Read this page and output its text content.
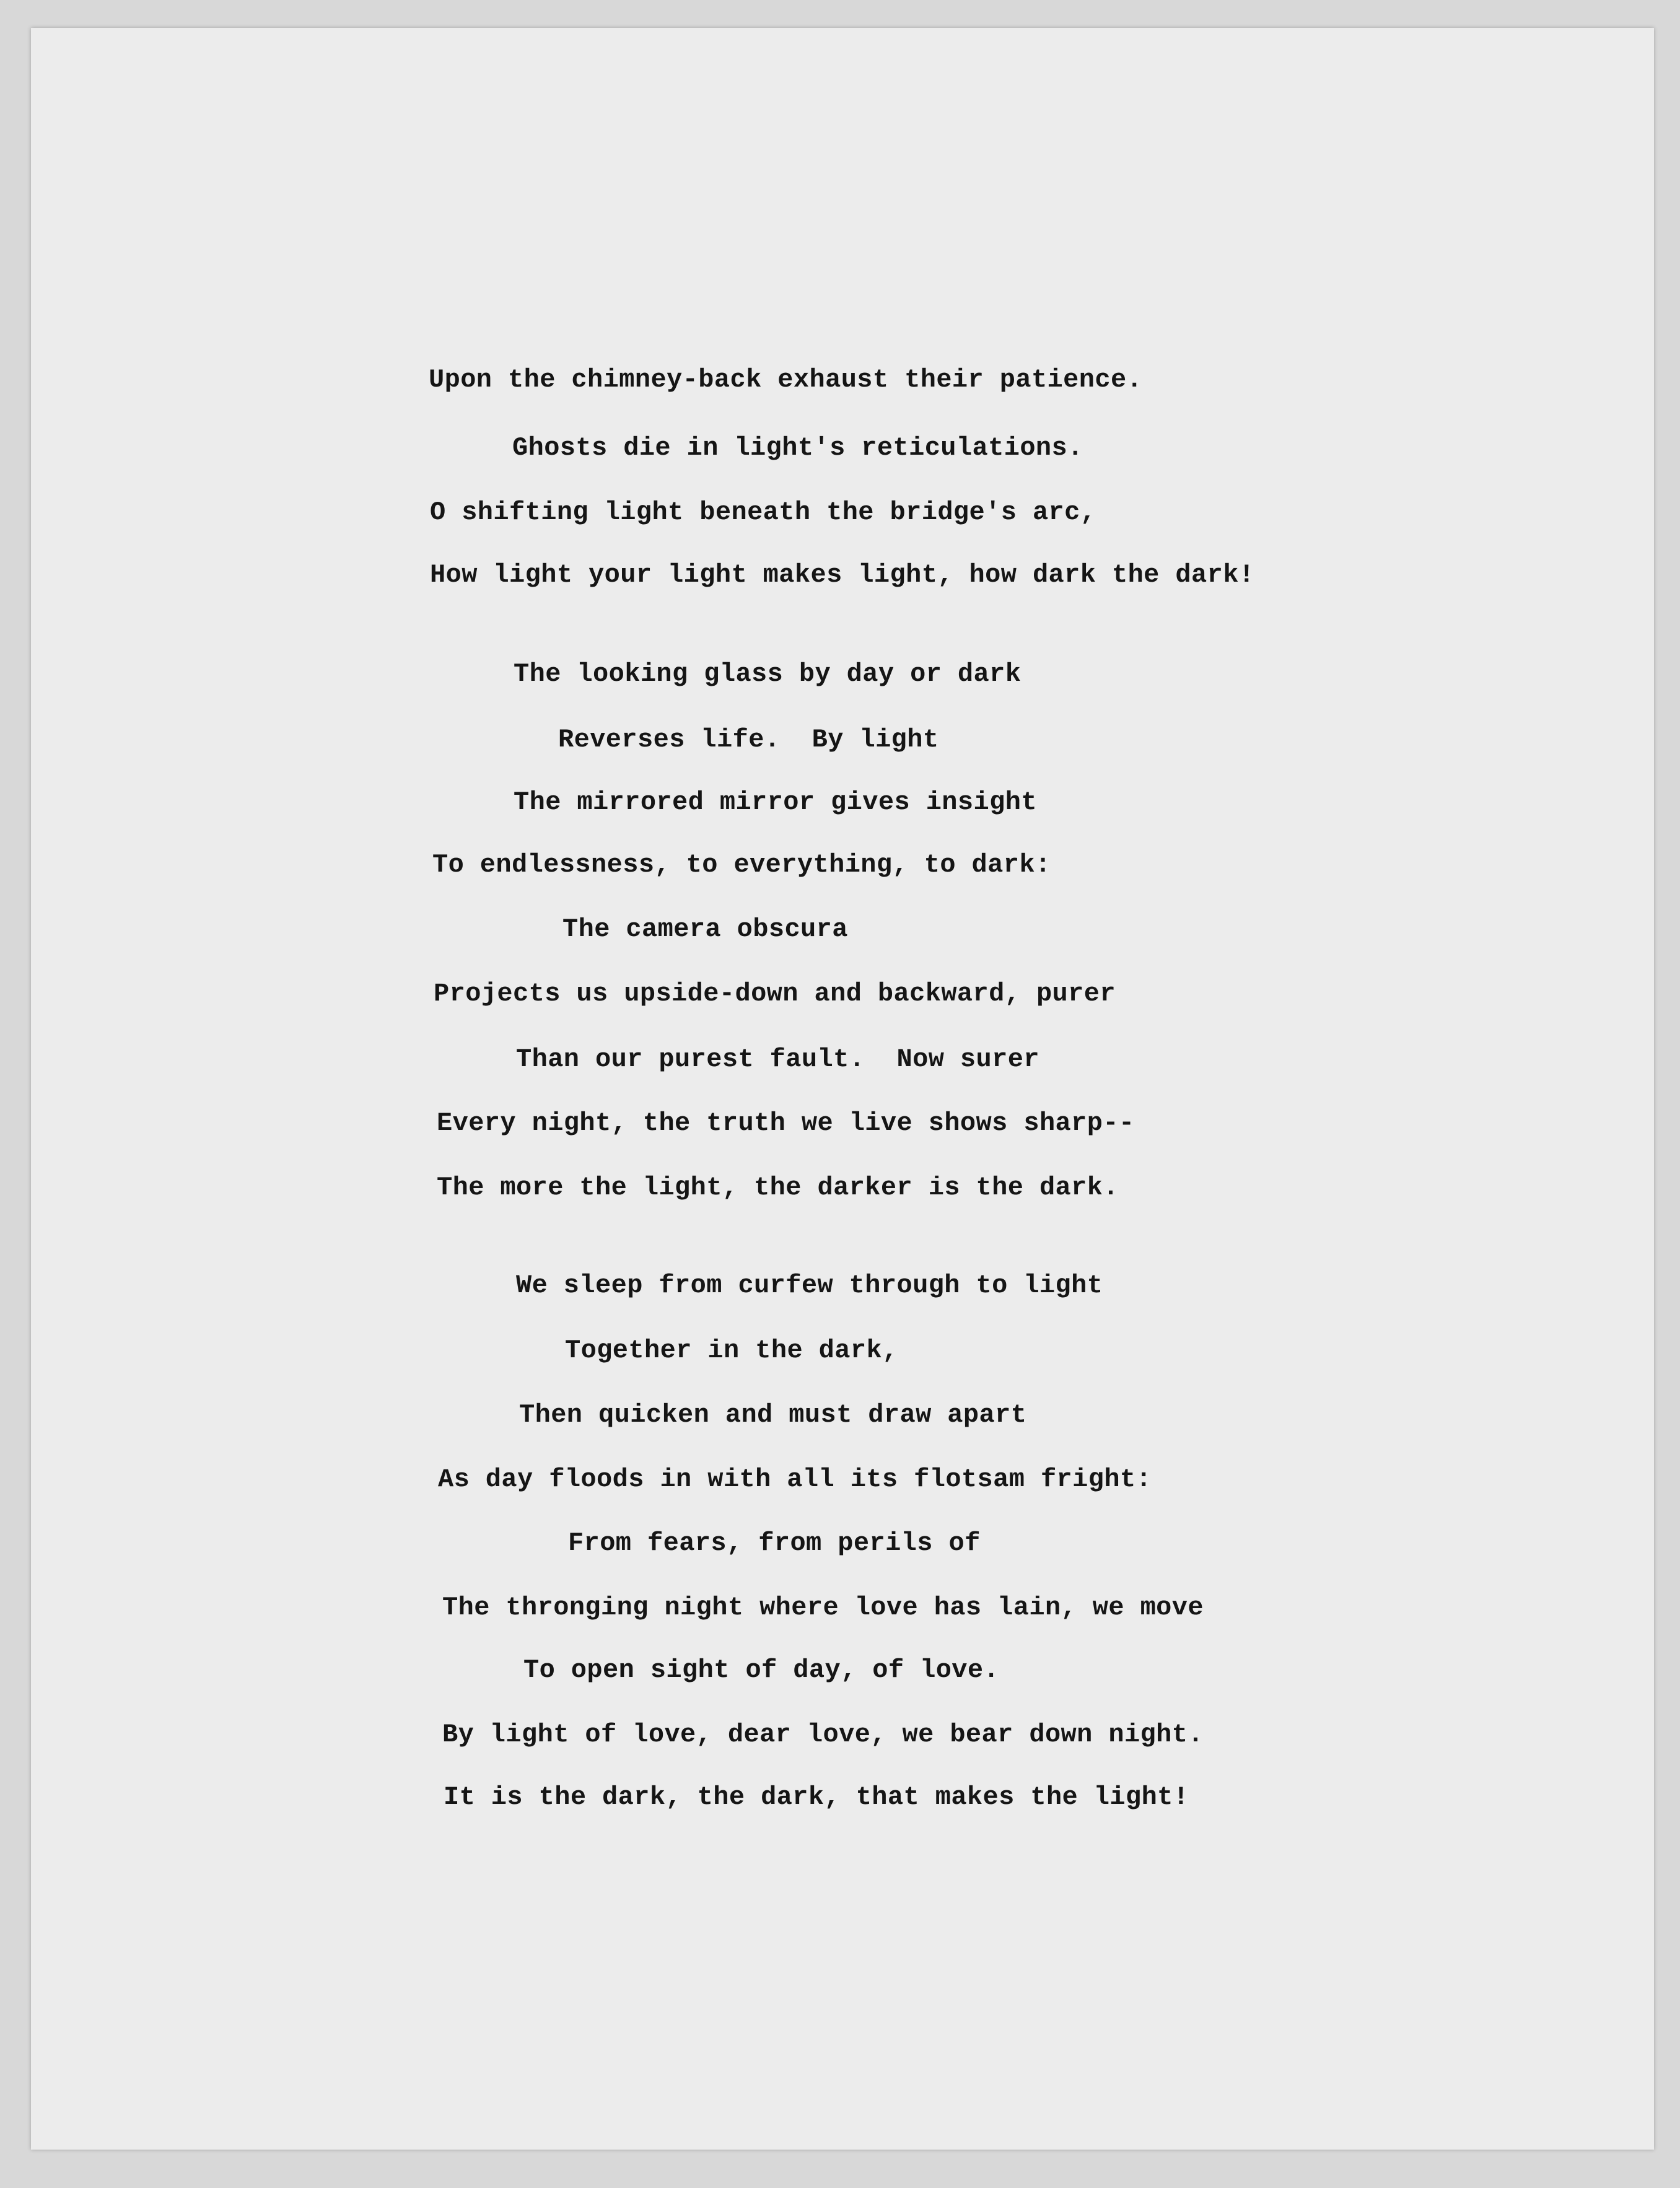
Upon the chimney-back exhaust their patience.
Ghosts die in light's reticulations.
O shifting light beneath the bridge's arc,
How light your light makes light, how dark the dark!
The looking glass by day or dark
Reverses life.  By light
The mirrored mirror gives insight
To endlessness, to everything, to dark:
The camera obscura
Projects us upside-down and backward, purer
Than our purest fault.  Now surer
Every night, the truth we live shows sharp--
The more the light, the darker is the dark.
We sleep from curfew through to light
Together in the dark,
Then quicken and must draw apart
As day floods in with all its flotsam fright:
From fears, from perils of
The thronging night where love has lain, we move
To open sight of day, of love.
By light of love, dear love, we bear down night.
It is the dark, the dark, that makes the light!
